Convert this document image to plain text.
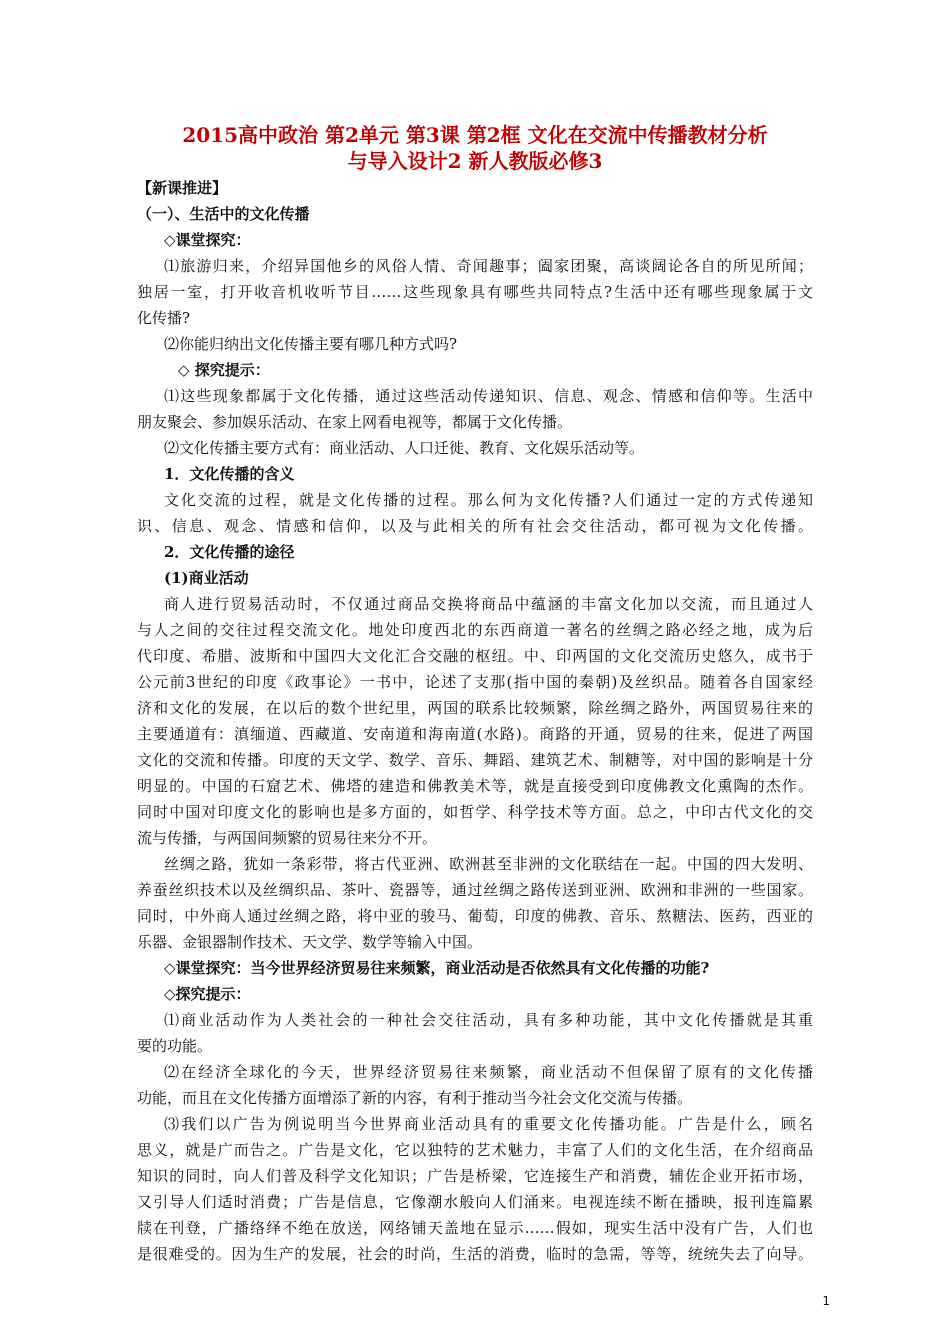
2015高中政治 第2单元 第3课 第2框 文化在交流中传播教材分析
与导入设计2 新人教版必修3
【新课推进】
（一）、生活中的文化传播
◇课堂探究：
⑴旅游归来，介绍异国他乡的风俗人情、奇闻趣事；阖家团聚，高谈阔论各自的所见所闻；
独居一室，打开收音机收听节目……这些现象具有哪些共同特点?生活中还有哪些现象属于文
化传播?
⑵你能归纳出文化传播主要有哪几种方式吗?
◇ 探究提示：
⑴这些现象都属于文化传播，通过这些活动传递知识、信息、观念、情感和信仰等。生活中
朋友聚会、参加娱乐活动、在家上网看电视等，都属于文化传播。
⑵文化传播主要方式有：商业活动、人口迁徙、教育、文化娱乐活动等。
1．文化传播的含义
文化交流的过程，就是文化传播的过程。那么何为文化传播?人们通过一定的方式传递知
识、信息、观念、情感和信仰，以及与此相关的所有社会交往活动，都可视为文化传播。
2．文化传播的途径
(1)商业活动
商人进行贸易活动时，不仅通过商品交换将商品中蕴涵的丰富文化加以交流，而且通过人
与人之间的交往过程交流文化。地处印度西北的东西商道一著名的丝绸之路必经之地，成为后
代印度、希腊、波斯和中国四大文化汇合交融的枢纽。中、印两国的文化交流历史悠久，成书于
公元前3世纪的印度《政事论》一书中，论述了支那(指中国的秦朝)及丝织品。随着各自国家经
济和文化的发展，在以后的数个世纪里，两国的联系比较频繁，除丝绸之路外，两国贸易往来的
主要通道有：滇缅道、西藏道、安南道和海南道(水路)。商路的开通，贸易的往来，促进了两国
文化的交流和传播。印度的天文学、数学、音乐、舞蹈、建筑艺术、制糖等，对中国的影响是十分
明显的。中国的石窟艺术、佛塔的建造和佛教美术等，就是直接受到印度佛教文化熏陶的杰作。
同时中国对印度文化的影响也是多方面的，如哲学、科学技术等方面。总之，中印古代文化的交
流与传播，与两国间频繁的贸易往来分不开。
丝绸之路，犹如一条彩带，将古代亚洲、欧洲甚至非洲的文化联结在一起。中国的四大发明、
养蚕丝织技术以及丝绸织品、茶叶、瓷器等，通过丝绸之路传送到亚洲、欧洲和非洲的一些国家。
同时，中外商人通过丝绸之路，将中亚的骏马、葡萄，印度的佛教、音乐、熬糖法、医药，西亚的
乐器、金银器制作技术、天文学、数学等输入中国。
◇课堂探究：当今世界经济贸易往来频繁，商业活动是否依然具有文化传播的功能?
◇探究提示：
⑴商业活动作为人类社会的一种社会交往活动，具有多种功能，其中文化传播就是其重
要的功能。
⑵在经济全球化的今天，世界经济贸易往来频繁，商业活动不但保留了原有的文化传播
功能，而且在文化传播方面增添了新的内容，有利于推动当今社会文化交流与传播。
⑶我们以广告为例说明当今世界商业活动具有的重要文化传播功能。广告是什么，顾名
思义，就是广而告之。广告是文化，它以独特的艺术魅力，丰富了人们的文化生活，在介绍商品
知识的同时，向人们普及科学文化知识；广告是桥梁，它连接生产和消费，辅佐企业开拓市场，
又引导人们适时消费；广告是信息，它像潮水般向人们涌来。电视连续不断在播映，报刊连篇累
牍在刊登，广播络绎不绝在放送，网络铺天盖地在显示……假如，现实生活中没有广告，人们也
是很难受的。因为生产的发展，社会的时尚，生活的消费，临时的急需，等等，统统失去了向导。
1
